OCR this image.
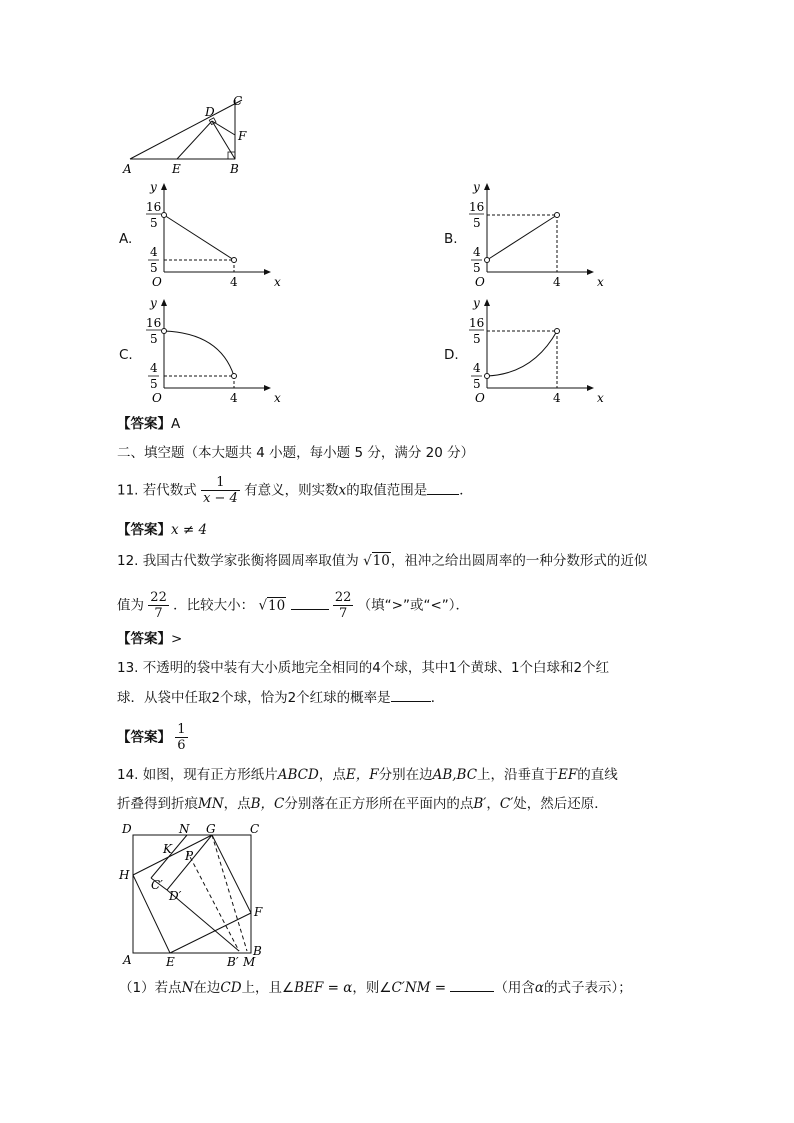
A	E	B
D
C
F
A.
y
x
O	4
16
5
4
5
B.
y
x
O	4
16
5
4
5
C.
y
x
O	4
16
5
4
5
D.
y
x
O	4
16
5
4
5
【答案】A
二、填空题（本大题共 4 小题，每小题 5 分，满分 20 分）
11. 若代数式 $\frac{1}{x - 4}$ 有意义，则实数x的取值范围是 ．
【答案】x ≠ 4
12. 我国古代数学家张衡将圆周率取值为 √10，祖冲之给出圆周率的一种分数形式的近似
值为 $\frac{22}{7}$ ．比较大小： √10	$\frac{22}{7}$ （填“>”或“<”）．
【答案】>
13. 不透明的袋中装有大小质地完全相同的4个球，其中1个黄球、1个白球和2个红
球．从袋中任取2个球，恰为2个红球的概率是	．
【答案】 $\frac{1}{6}$
14. 如图，现有正方形纸片ABCD，点E，F分别在边AB,BC上，沿垂直于EF的直线
折叠得到折痕MN，点B，C分别落在正方形所在平面内的点B′，C′处，然后还原．
D	N G	C
K P
H
C′
D′
F
A	E	B′ M
B
（1）若点N在边CD上，且∠BEF = α，则∠C′NM =	（用含α的式子表示）；
